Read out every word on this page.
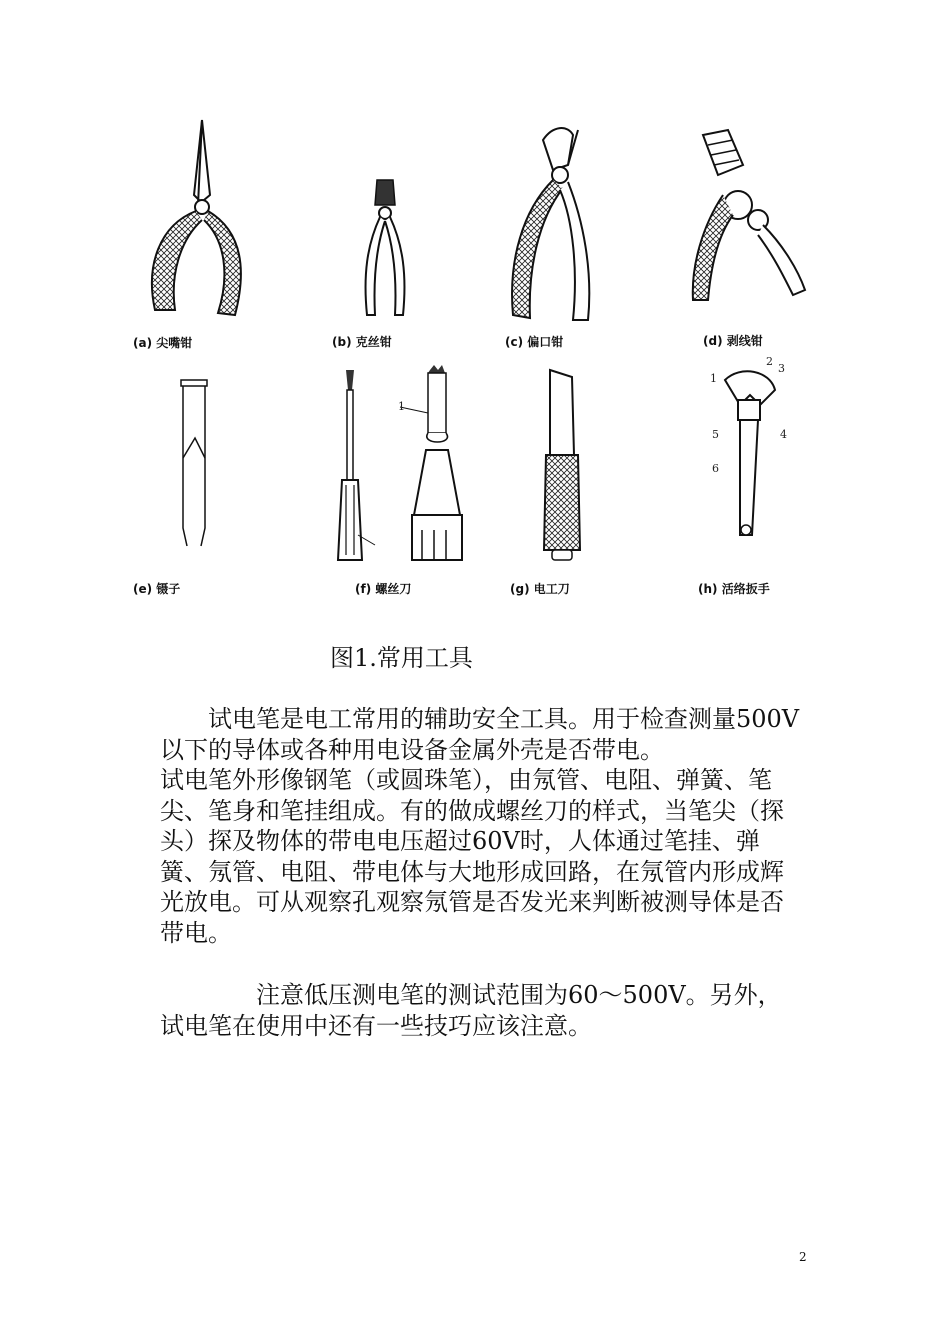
(a) 尖嘴钳	(b) 克丝钳	(c) 偏口钳	(d) 剥线钳
(e) 镊子
1
(f) 螺丝刀	(g) 电工刀
1
2
3
4
5
6
(h) 活络扳手
图1.常用工具
　　试电笔是电工常用的辅助安全工具。用于检查测量500V以下的导体或各种用电设备金属外壳是否带电。
试电笔外形像钢笔（或圆珠笔），由氖管、电阻、弹簧、笔尖、笔身和笔挂组成。有的做成螺丝刀的样式，当笔尖（探头）探及物体的带电电压超过60V时，人体通过笔挂、弹簧、氖管、电阻、带电体与大地形成回路，在氖管内形成辉光放电。可从观察孔观察氖管是否发光来判断被测导体是否带电。
　　　　注意低压测电笔的测试范围为60～500V。另外，试电笔在使用中还有一些技巧应该注意。
2
